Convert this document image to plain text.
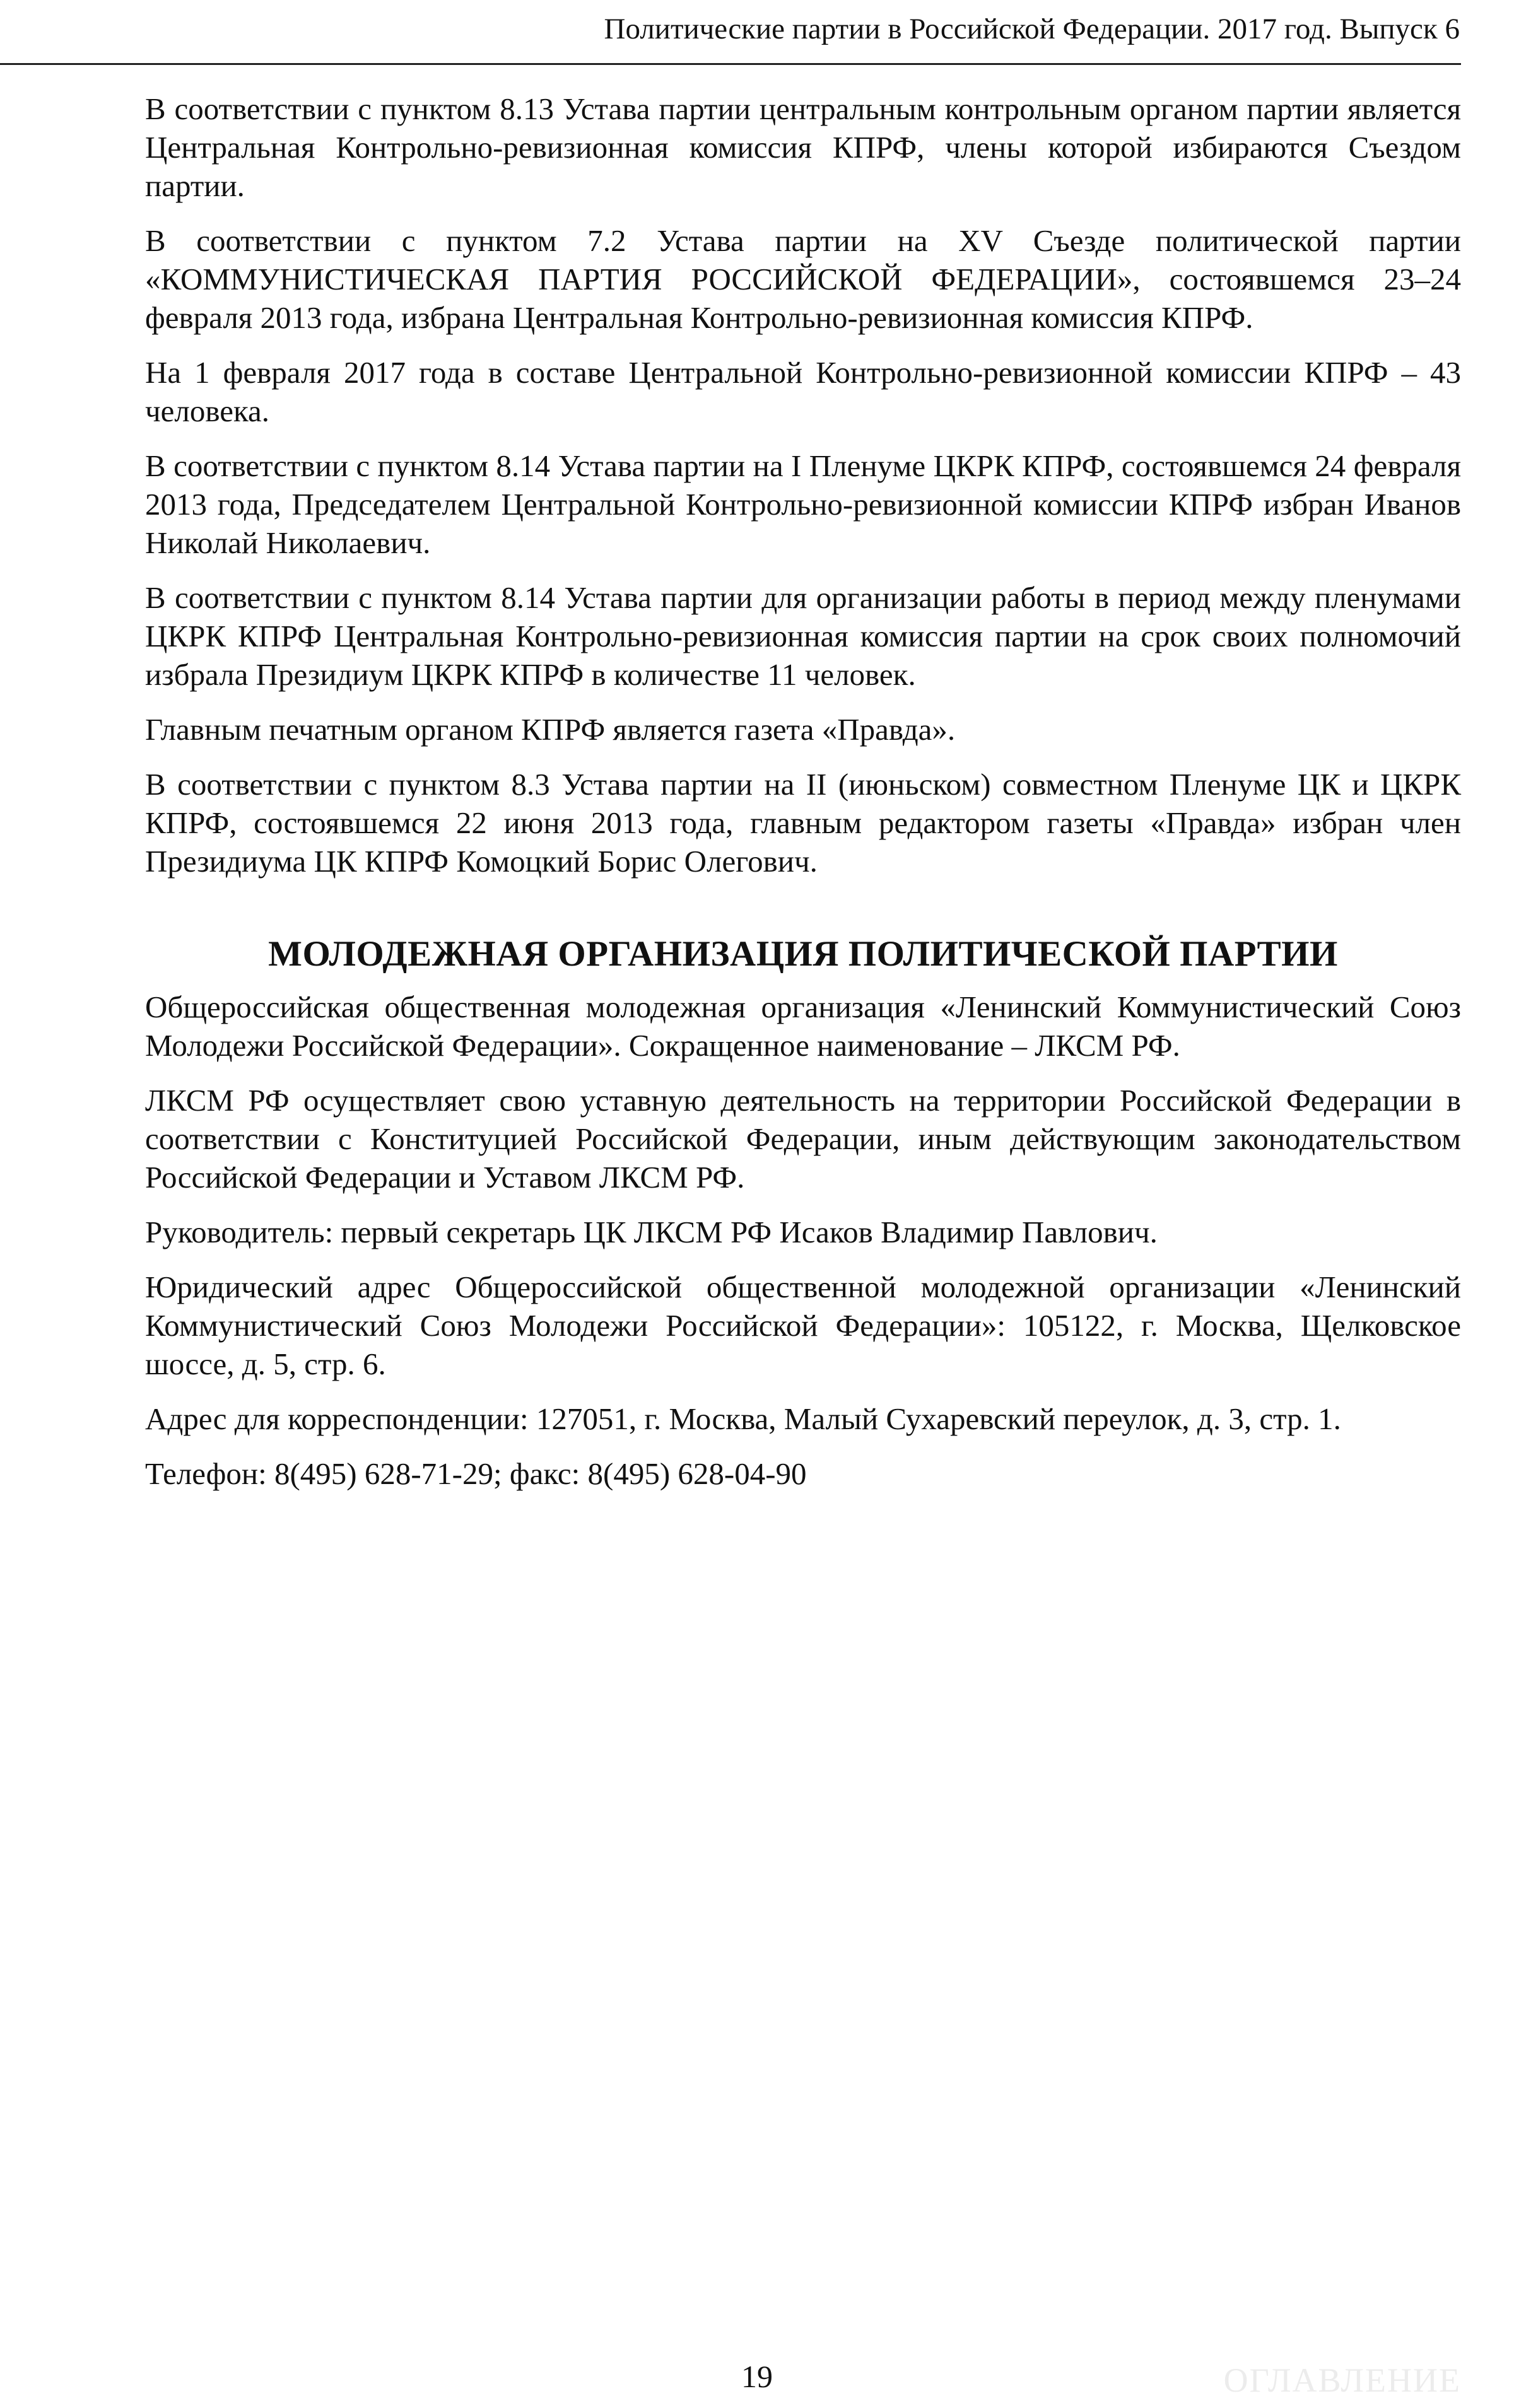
Политические партии в Российской Федерации. 2017 год. Выпуск 6

В соответствии с пунктом 8.13 Устава партии центральным контрольным органом партии является Центральная Контрольно-ревизионная комиссия КПРФ, члены которой избираются Съездом партии.

В соответствии с пунктом 7.2 Устава партии на XV Съезде политической партии «КОММУНИСТИЧЕСКАЯ ПАРТИЯ РОССИЙСКОЙ ФЕДЕРАЦИИ», состоявшемся 23–24 февраля 2013 года, избрана Центральная Контрольно-ревизионная комиссия КПРФ.

На 1 февраля 2017 года в составе Центральной Контрольно-ревизионной комиссии КПРФ – 43 человека.

В соответствии с пунктом 8.14 Устава партии на I Пленуме ЦКРК КПРФ, состоявшемся 24 февраля 2013 года, Председателем Центральной Контрольно-ревизионной комиссии КПРФ избран Иванов Николай Николаевич.

В соответствии с пунктом 8.14 Устава партии для организации работы в период между пленумами ЦКРК КПРФ Центральная Контрольно-ревизионная комиссия партии на срок своих полномочий избрала Президиум ЦКРК КПРФ в количестве 11 человек.

Главным печатным органом КПРФ является газета «Правда».

В соответствии с пунктом 8.3 Устава партии на II (июньском) совместном Пленуме ЦК и ЦКРК КПРФ, состоявшемся 22 июня 2013 года, главным редактором газеты «Правда» избран член Президиума ЦК КПРФ Комоцкий Борис Олегович.

МОЛОДЕЖНАЯ ОРГАНИЗАЦИЯ ПОЛИТИЧЕСКОЙ ПАРТИИ

Общероссийская общественная молодежная организация «Ленинский Коммунистический Союз Молодежи Российской Федерации». Сокращенное наименование – ЛКСМ РФ.

ЛКСМ РФ осуществляет свою уставную деятельность на территории Российской Федерации в соответствии с Конституцией Российской Федерации, иным действующим законодательством Российской Федерации и Уставом ЛКСМ РФ.

Руководитель: первый секретарь ЦК ЛКСМ РФ Исаков Владимир Павлович.

Юридический адрес Общероссийской общественной молодежной организации «Ленинский Коммунистический Союз Молодежи Российской Федерации»: 105122, г. Москва, Щелковское шоссе, д. 5, стр. 6.

Адрес для корреспонденции: 127051, г. Москва, Малый Сухаревский переулок, д. 3, стр. 1.

Телефон: 8(495) 628-71-29; факс: 8(495) 628-04-90

19	ОГЛАВЛЕНИЕ
